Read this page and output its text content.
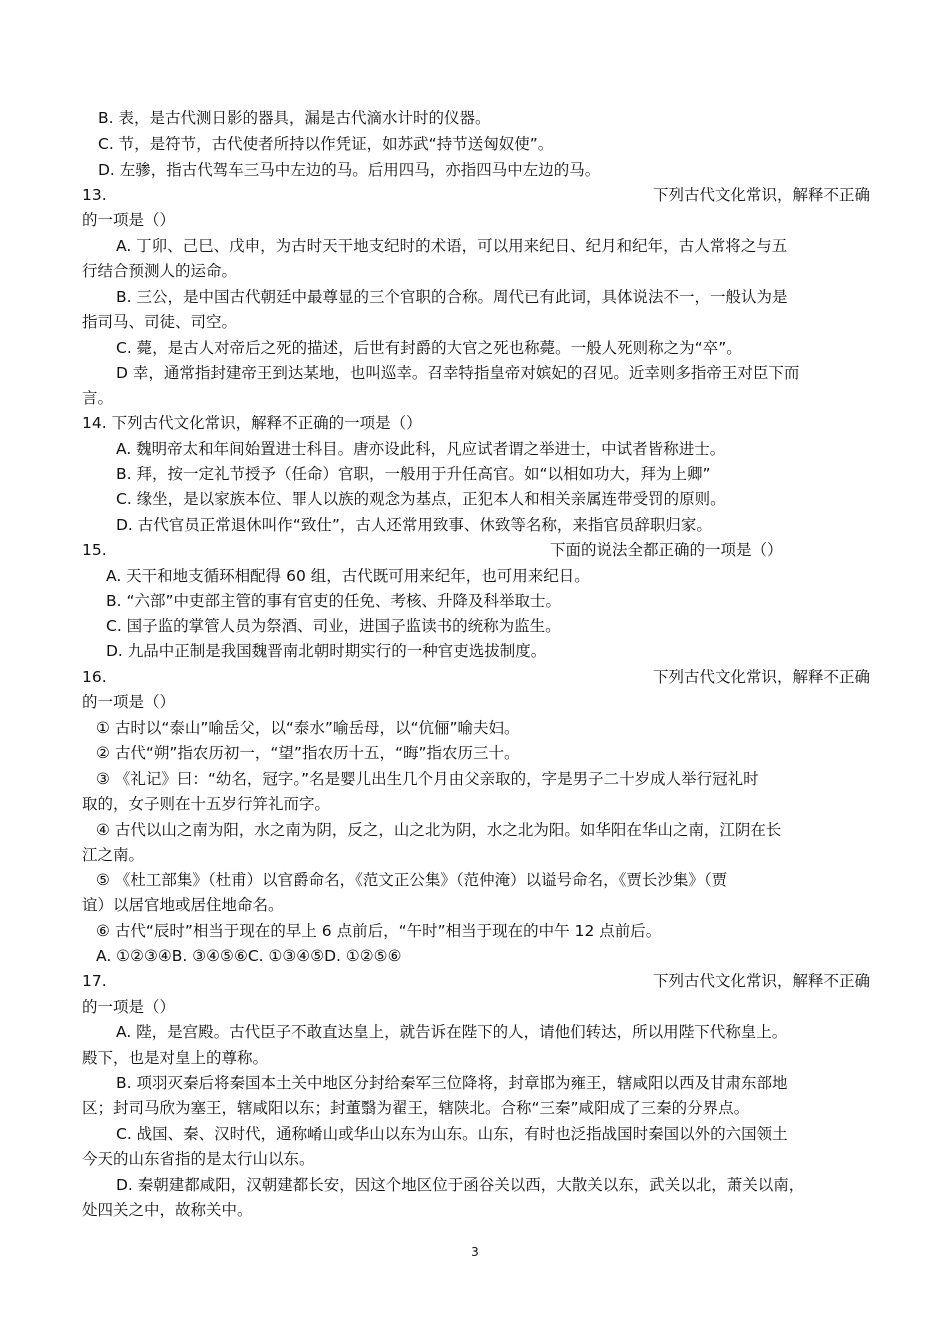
B. 表，是古代测日影的器具，漏是古代滴水计时的仪器。
C. 节，是符节，古代使者所持以作凭证，如苏武“持节送匈奴使”。
D. 左骖，指古代驾车三马中左边的马。后用四马，亦指四马中左边的马。
13.	下列古代文化常识，解释不正确
的一项是（）
A. 丁卯、己巳、戊申，为古时天干地支纪时的术语，可以用来纪日、纪月和纪年，古人常将之与五
行结合预测人的运命。
B. 三公，是中国古代朝廷中最尊显的三个官职的合称。周代已有此词，具体说法不一，一般认为是
指司马、司徒、司空。
C. 薨，是古人对帝后之死的描述，后世有封爵的大官之死也称薨。一般人死则称之为“卒”。
D 幸，通常指封建帝王到达某地，也叫巡幸。召幸特指皇帝对嫔妃的召见。近幸则多指帝王对臣下而
言。
14. 下列古代文化常识，解释不正确的一项是（）
A. 魏明帝太和年间始置进士科目。唐亦设此科，凡应试者谓之举进士，中试者皆称进士。
B. 拜，按一定礼节授予（任命）官职，一般用于升任高官。如“以相如功大，拜为上卿”
C. 缘坐，是以家族本位、罪人以族的观念为基点，正犯本人和相关亲属连带受罚的原则。
D. 古代官员正常退休叫作“致仕”，古人还常用致事、休致等名称，来指官员辞职归家。
15.	下面的说法全都正确的一项是（）
A. 天干和地支循环相配得 60 组，古代既可用来纪年，也可用来纪日。
B. “六部”中吏部主管的事有官吏的任免、考核、升降及科举取士。
C. 国子监的掌管人员为祭酒、司业，进国子监读书的统称为监生。
D. 九品中正制是我国魏晋南北朝时期实行的一种官吏选拔制度。
16.	下列古代文化常识，解释不正确
的一项是（）
① 古时以“泰山”喻岳父，以“泰水”喻岳母，以“伉俪”喻夫妇。
② 古代“朔”指农历初一，“望”指农历十五，“晦”指农历三十。
③ 《礼记》曰：“幼名，冠字。”名是婴儿出生几个月由父亲取的，字是男子二十岁成人举行冠礼时
取的，女子则在十五岁行笄礼而字。
④ 古代以山之南为阳，水之南为阴，反之，山之北为阴，水之北为阳。如华阳在华山之南，江阴在长
江之南。
⑤ 《杜工部集》（杜甫）以官爵命名，《范文正公集》（范仲淹）以谥号命名，《贾长沙集》（贾
谊）以居官地或居住地命名。
⑥ 古代“辰时”相当于现在的早上 6 点前后，“午时”相当于现在的中午 12 点前后。
A. ①②③④B. ③④⑤⑥C. ①③④⑤D. ①②⑤⑥
17.	下列古代文化常识，解释不正确
的一项是（）
A. 陛，是宫殿。古代臣子不敢直达皇上，就告诉在陛下的人，请他们转达，所以用陛下代称皇上。
殿下，也是对皇上的尊称。
B. 项羽灭秦后将秦国本土关中地区分封给秦军三位降将，封章邯为雍王，辖咸阳以西及甘肃东部地
区；封司马欣为塞王，辖咸阳以东；封董翳为翟王，辖陕北。合称“三秦”咸阳成了三秦的分界点。
C. 战国、秦、汉时代，通称崤山或华山以东为山东。山东，有时也泛指战国时秦国以外的六国领土
今天的山东省指的是太行山以东。
D. 秦朝建都咸阳，汉朝建都长安，因这个地区位于函谷关以西，大散关以东，武关以北，萧关以南，
处四关之中，故称关中。
3
